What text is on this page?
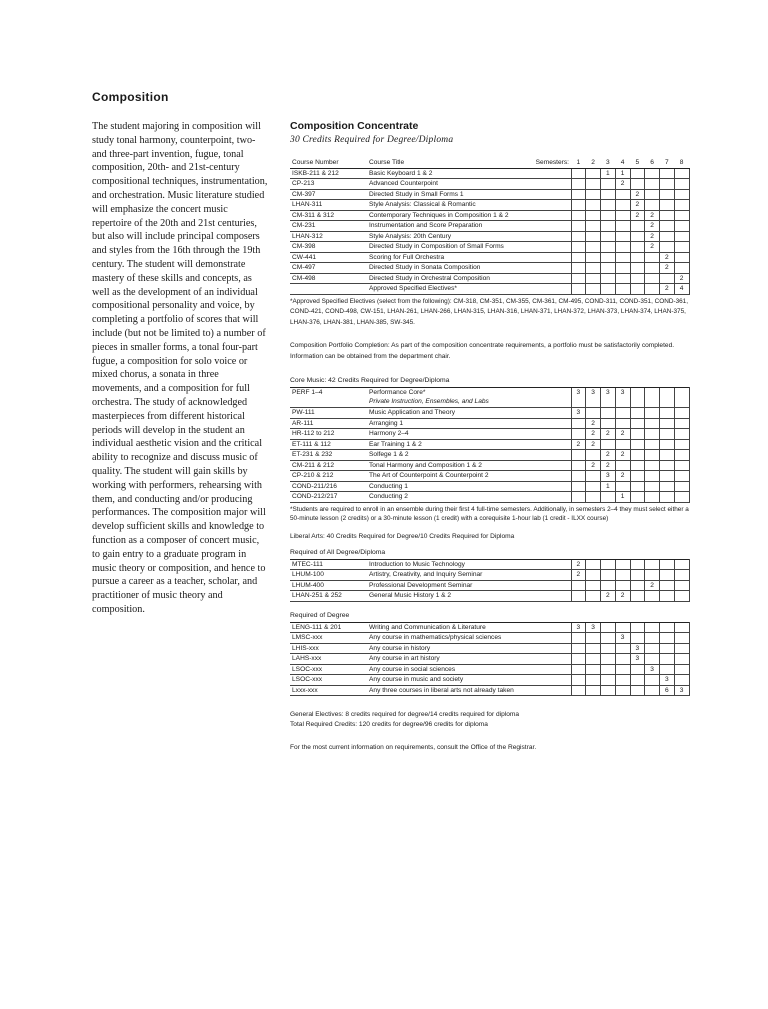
Composition
The student majoring in composition will study tonal harmony, counterpoint, two- and three-part invention, fugue, tonal composition, 20th- and 21st-century compositional techniques, instrumentation, and orchestration. Music literature studied will emphasize the concert music repertoire of the 20th and 21st centuries, but also will include principal composers and styles from the 16th through the 19th century. The student will demonstrate mastery of these skills and concepts, as well as the development of an individual compositional personality and voice, by completing a portfolio of scores that will include (but not be limited to) a number of pieces in smaller forms, a tonal four-part fugue, a composition for solo voice or mixed chorus, a sonata in three movements, and a composition for full orchestra. The study of acknowledged masterpieces from different historical periods will develop in the student an individual aesthetic vision and the critical ability to recognize and discuss music of quality. The student will gain skills by working with performers, rehearsing with them, and conducting and/or producing performances. The composition major will develop sufficient skills and knowledge to function as a composer of concert music, to gain entry to a graduate program in music theory or composition, and hence to pursue a career as a teacher, scholar, and practitioner of music theory and composition.

Composition Concentrate

30 Credits Required for Degree/Diploma

Course Number	Course Title Semesters:	1	2	3	4	5	6	7	8
ISKB-211 & 212	Basic Keyboard 1 & 2			1	1				
CP-213	Advanced Counterpoint				2				
CM-397	Directed Study in Small Forms 1					2			
LHAN-311	Style Analysis: Classical & Romantic					2			
CM-311 & 312	Contemporary Techniques in Composition 1 & 2					2	2		
CM-231	Instrumentation and Score Preparation						2		
LHAN-312	Style Analysis: 20th Century						2		
CM-398	Directed Study in Composition of Small Forms						2		
CW-441	Scoring for Full Orchestra							2	
CM-497	Directed Study in Sonata Composition							2	
CM-498	Directed Study in Orchestral Composition								2
	Approved Specified Electives*							2	4

*Approved Specified Electives (select from the following): CM-318, CM-351, CM-355, CM-361, CM-495, COND-311, COND-351, COND-361, COND-421, COND-498, CW-151, LHAN-261, LHAN-266, LHAN-315, LHAN-316, LHAN-371, LHAN-372, LHAN-373, LHAN-374, LHAN-375, LHAN-376, LHAN-381, LHAN-385, SW-345.

Composition Portfolio Completion: As part of the composition concentrate requirements, a portfolio must be satisfactorily completed. Information can be obtained from the department chair.

Core Music: 42 Credits Required for Degree/Diploma

PERF 1–4	Performance Core*
Private Instruction, Ensembles, and Labs	3	3	3	3				
PW-111	Music Application and Theory	3							
AR-111	Arranging 1		2						
HR-112 to 212	Harmony 2–4		2	2	2				
ET-111 & 112	Ear Training 1 & 2	2	2						
ET-231 & 232	Solfege 1 & 2			2	2				
CM-211 & 212	Tonal Harmony and Composition 1 & 2		2	2					
CP-210 & 212	The Art of Counterpoint & Counterpoint 2			3	2				
COND-211/216	Conducting 1			1					
COND-212/217	Conducting 2				1				

*Students are required to enroll in an ensemble during their first 4 full-time semesters. Additionally, in semesters 2–4 they must select either a 50-minute lesson (2 credits) or a 30-minute lesson (1 credit) with a corequisite 1-hour lab (1 credit - ILXX course)

Liberal Arts: 40 Credits Required for Degree/10 Credits Required for Diploma

Required of All Degree/Diploma

MTEC-111	Introduction to Music Technology	2							
LHUM-100	Artistry, Creativity, and Inquiry Seminar	2							
LHUM-400	Professional Development Seminar						2		
LHAN-251 & 252	General Music History 1 & 2			2	2				

Required of Degree

LENG-111 & 201	Writing and Communication & Literature	3	3						
LMSC-xxx	Any course in mathematics/physical sciences				3				
LHIS-xxx	Any course in history					3			
LAHS-xxx	Any course in art history					3			
LSOC-xxx	Any course in social sciences						3		
LSOC-xxx	Any course in music and society							3	
Lxxx-xxx	Any three courses in liberal arts not already taken							6	3

General Electives: 8 credits required for degree/14 credits required for diploma

Total Required Credits: 120 credits for degree/96 credits for diploma

For the most current information on requirements, consult the Office of the Registrar.
